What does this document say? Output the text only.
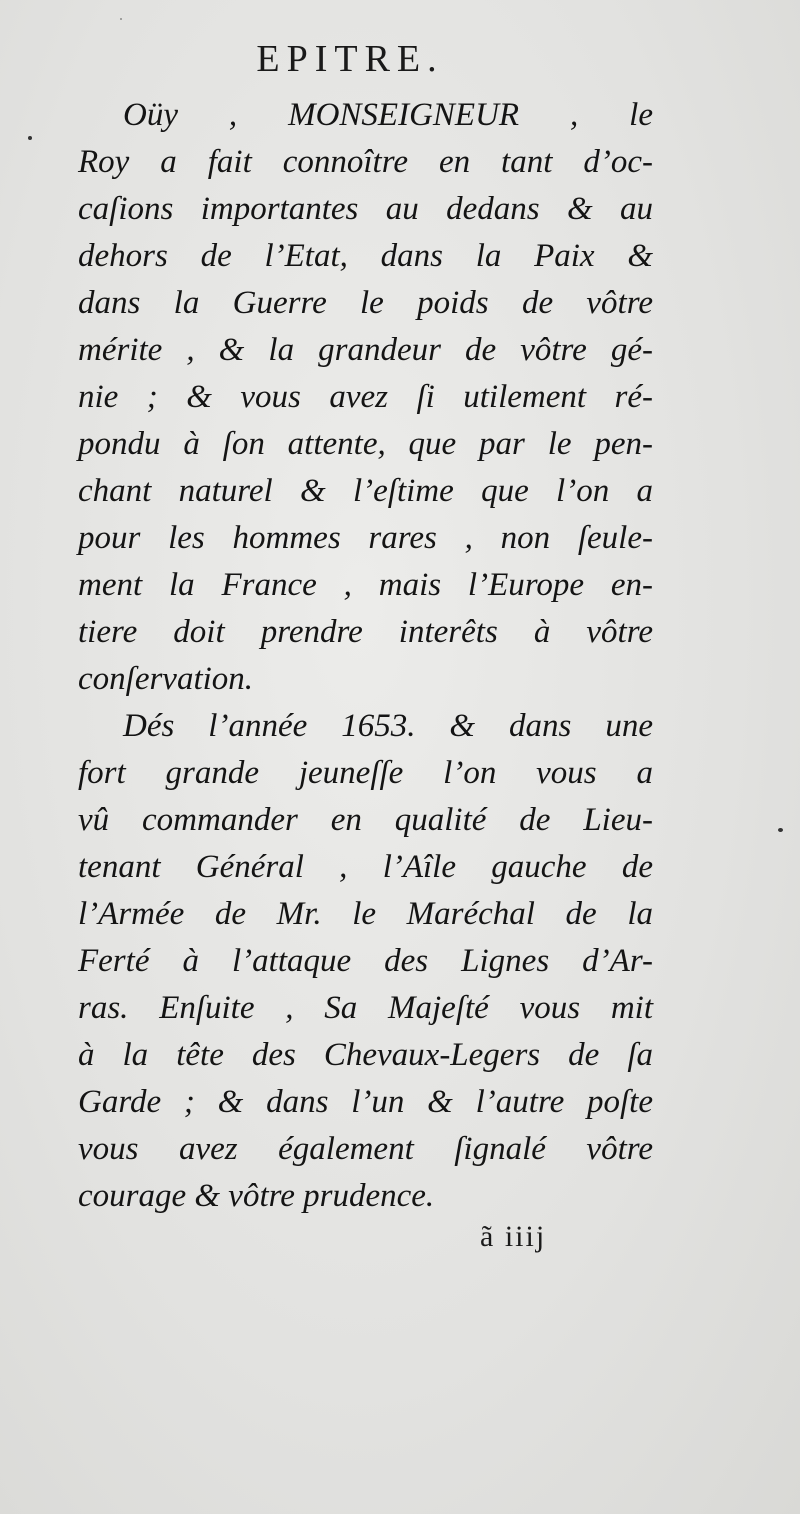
EPITRE.
Oüy , MONSEIGNEUR , le
Roy a fait connoître en tant d’oc-
caſions importantes au dedans & au
dehors de l’Etat, dans la Paix &
dans la Guerre le poids de vôtre
mérite , & la grandeur de vôtre gé-
nie ; & vous avez ſi utilement ré-
pondu à ſon attente, que par le pen-
chant naturel & l’eſtime que l’on a
pour les hommes rares , non ſeule-
ment la France , mais l’Europe en-
tiere doit prendre interêts à vôtre
conſervation.
Dés l’année 1653. & dans une
fort grande jeuneſſe l’on vous a
vû commander en qualité de Lieu-
tenant Général , l’Aîle gauche de
l’Armée de Mr. le Maréchal de la
Ferté à l’attaque des Lignes d’Ar-
ras. Enſuite , Sa Majeſté vous mit
à la tête des Chevaux-Legers de ſa
Garde ; & dans l’un & l’autre poſte
vous avez également ſignalé vôtre
courage & vôtre prudence.
ã iiij
